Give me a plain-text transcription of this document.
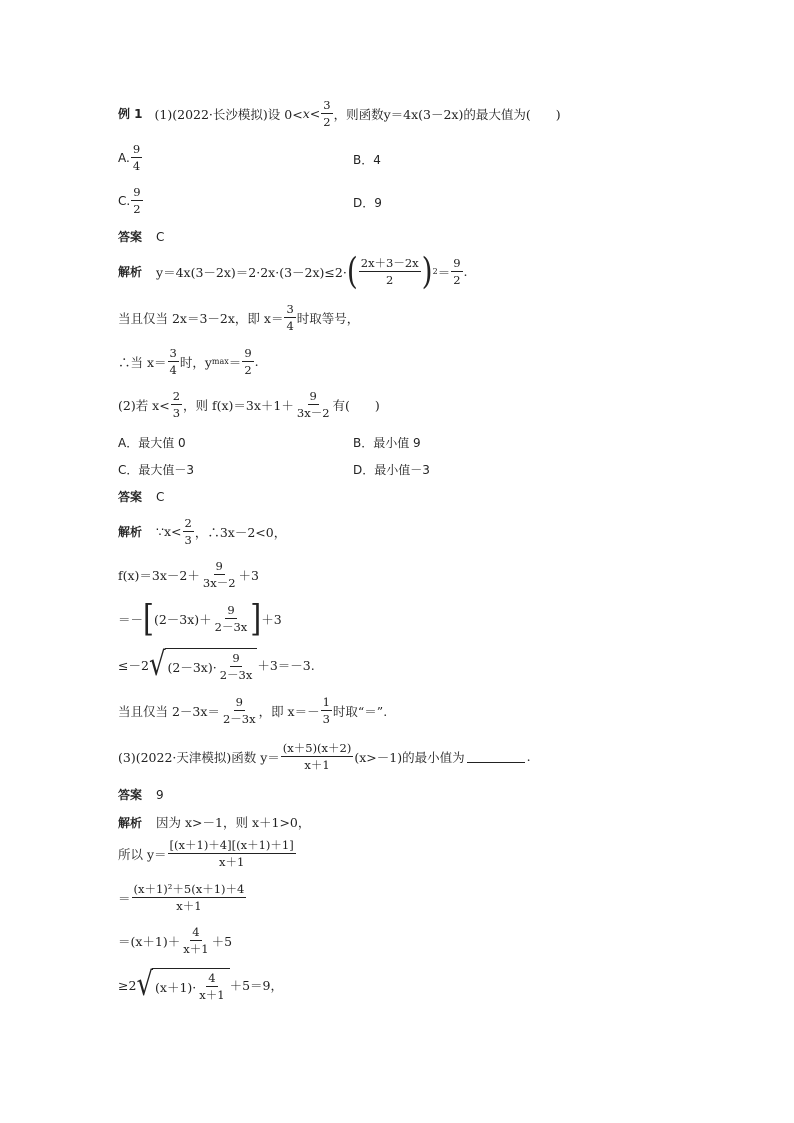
例 1 (1)(2022·长沙模拟)设 $0< x < \frac{3}{2}$ ，则函数 y＝4x(3－2x)的最大值为(　　)
A. $\frac{9}{4}$	B．4
C. $\frac{9}{2}$	D．9
答案 C
解析 y＝4x(3－2x)＝2·2x·(3－2x)≤2· ( $\frac{2x+3-2x}{2}$ ) $2 = \frac{9}{2}$ .
当且仅当 2x＝3－2x，即 $x= \frac{3}{4}$ 时取等号，
∴当 $x= \frac{3}{4}$ 时，y $\max = \frac{9}{2}$ .
(2)若 $x< \frac{2}{3}$ ，则 $f(x)=3x+1+ \frac{9}{3x-2}$ 有(　　)
A．最大值 0	B．最小值 9
C．最大值－3	D．最小值－3
答案 C
解析 ∵x< $\frac{2}{3}$ ，∴3x－2<0，
$f(x)=3x-2+ \frac{9}{3x-2} +3$
＝－ [ $(2-3x)+ \frac{9}{2-3x}$ ] ＋3
≤－2 √ $(2-3x)\cdot \frac{9}{2-3x} +3=-3$.
当且仅当 $2-3x= \frac{9}{2-3x}$ ，即 $x=- \frac{1}{3}$ 时取“＝”.
(3)(2022·天津模拟)函数 $y= \frac{(x+5)(x+2)}{x+1} (x>-1)$的最小值为	.
答案 9
解析 因为 x>－1，则 x＋1>0，
所以 $y= \frac{[(x+1)+4][(x+1)+1]}{x+1}$
＝ $\frac{\text{(x＋1)²＋5(x＋1)＋4}}{x+1}$
$=(x+1)+ \frac{4}{x+1} +5$
≥2 √ $(x+1)\cdot \frac{4}{x+1} +5=9$，
